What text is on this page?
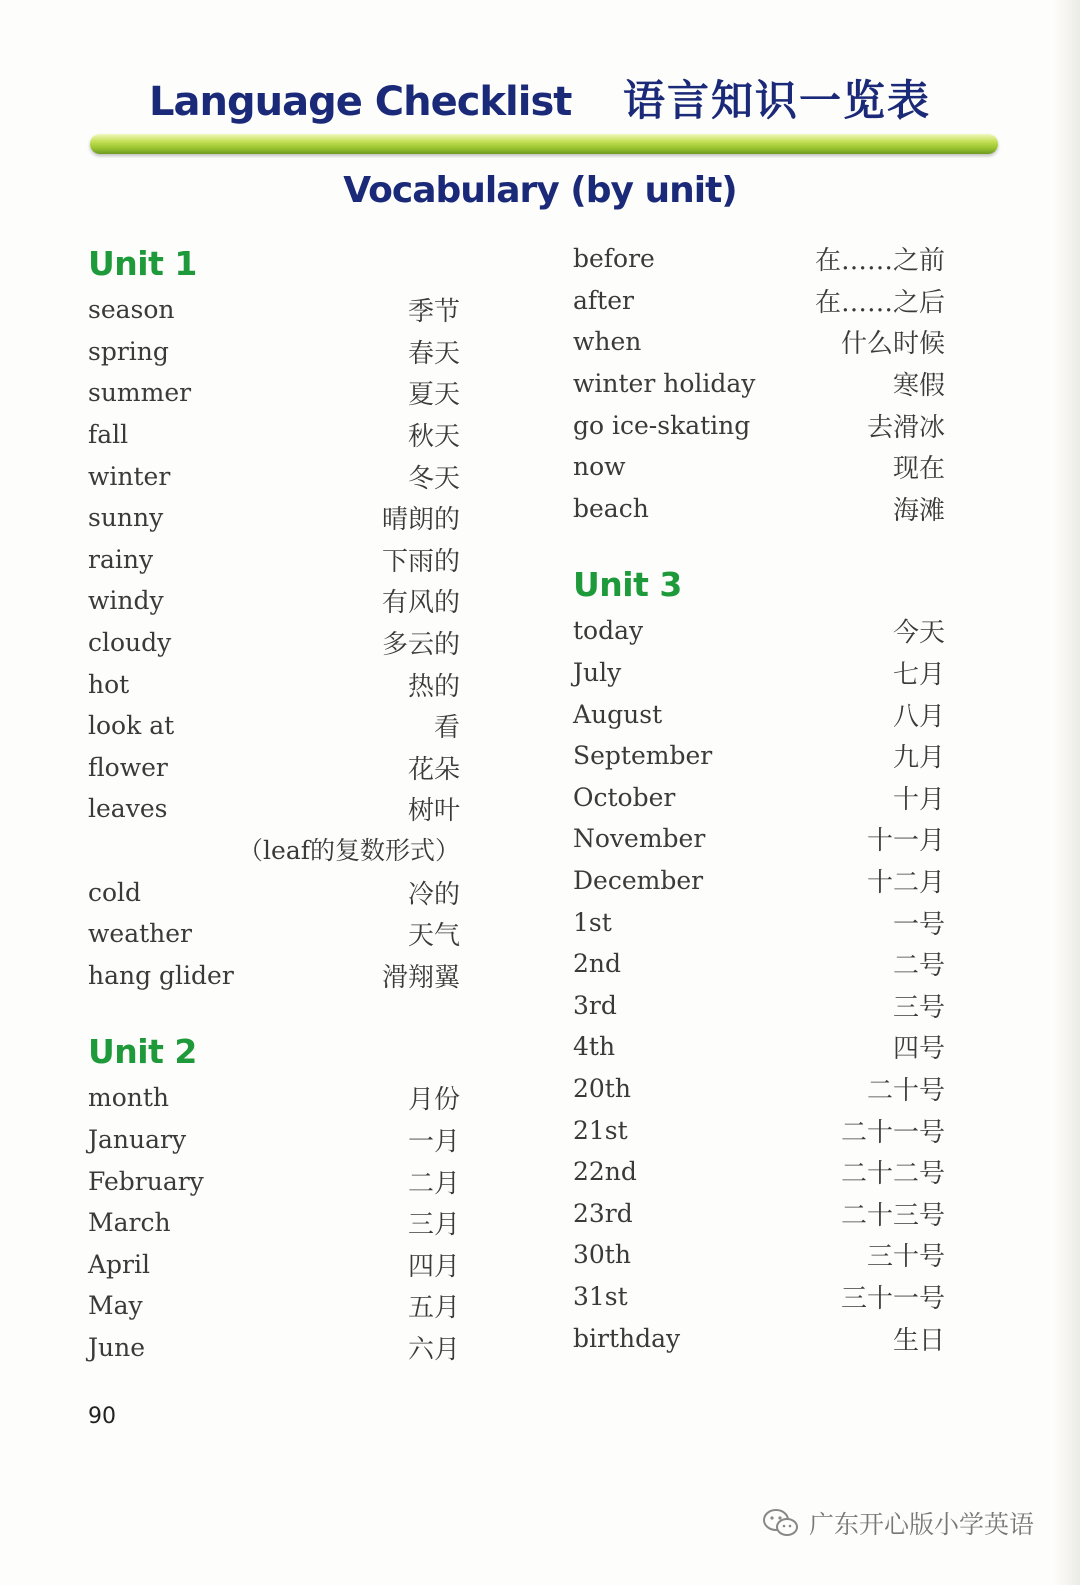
Language Checklist 语言知识一览表
Vocabulary (by unit)
Unit 1
season	季节
spring	春天
summer	夏天
fall	秋天
winter	冬天
sunny	晴朗的
rainy	下雨的
windy	有风的
cloudy	多云的
hot	热的
look at	看
flower	花朵
leaves	树叶
（leaf的复数形式）
cold	冷的
weather	天气
hang glider	滑翔翼
Unit 2
month	月份
January	一月
February	二月
March	三月
April	四月
May	五月
June	六月
before	在……之前
after	在……之后
when	什么时候
winter holiday	寒假
go ice-skating	去滑冰
now	现在
beach	海滩
Unit 3
today	今天
July	七月
August	八月
September	九月
October	十月
November	十一月
December	十二月
1st	一号
2nd	二号
3rd	三号
4th	四号
20th	二十号
21st	二十一号
22nd	二十二号
23rd	二十三号
30th	三十号
31st	三十一号
birthday	生日
90
广东开心版小学英语
